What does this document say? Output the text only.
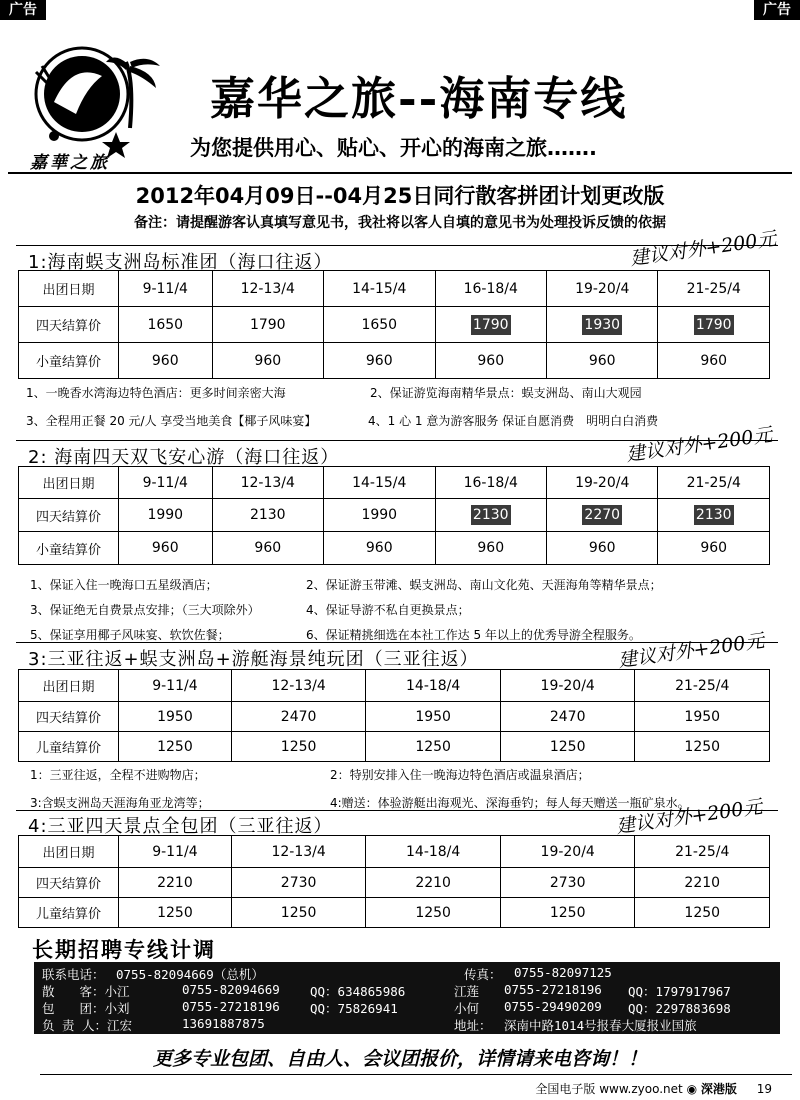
广告	广告
嘉華之旅
嘉华之旅--海南专线
为您提供用心、贴心、开心的海南之旅…….
2012年04月09日--04月25日同行散客拼团计划更改版
备注：请提醒游客认真填写意见书，我社将以客人自填的意见书为处理投诉反馈的依据
1:海南蜈支洲岛标准团（海口往返）	建议对外+200元
出团日期	9-11/4	12-13/4	14-15/4	16-18/4	19-20/4	21-25/4
四天结算价	1650	1790	1650	1790	1930	1790
小童结算价	960	960	960	960	960	960
1、一晚香水湾海边特色酒店：更多时间亲密大海	2、保证游览海南精华景点：蜈支洲岛、南山大观园
3、全程用正餐 20 元/人 享受当地美食【椰子风味宴】	4、1 心 1 意为游客服务 保证自愿消费　明明白白消费
2: 海南四天双飞安心游（海口往返）	建议对外+200元
出团日期	9-11/4	12-13/4	14-15/4	16-18/4	19-20/4	21-25/4
四天结算价	1990	2130	1990	2130	2270	2130
小童结算价	960	960	960	960	960	960
1、保证入住一晚海口五星级酒店；	2、保证游玉带滩、蜈支洲岛、南山文化苑、天涯海角等精华景点；
3、保证绝无自费景点安排；（三大项除外）	4、保证导游不私自更换景点；
5、保证享用椰子风味宴、软饮佐餐；	6、保证精挑细选在本社工作达 5 年以上的优秀导游全程服务。
3:三亚往返+蜈支洲岛+游艇海景纯玩团（三亚往返）	建议对外+200元
出团日期	9-11/4	12-13/4	14-18/4	19-20/4	21-25/4
四天结算价	1950	2470	1950	2470	1950
儿童结算价	1250	1250	1250	1250	1250
1：三亚往返，全程不进购物店；	2：特别安排入住一晚海边特色酒店或温泉酒店；
3:含蜈支洲岛天涯海角亚龙湾等；	4:赠送：体验游艇出海观光、深海垂钓；每人每天赠送一瓶矿泉水。
4:三亚四天景点全包团（三亚往返）	建议对外+200元
出团日期	9-11/4	12-13/4	14-18/4	19-20/4	21-25/4
四天结算价	2210	2730	2210	2730	2210
儿童结算价	1250	1250	1250	1250	1250
长期招聘专线计调
联系电话： 0755-82094669（总机）	传真： 0755-82097125
散　　客：小江	0755-82094669 QQ：634865986	江莲 0755-27218196 QQ：1797917967
包　　团：小刘	0755-27218196 QQ：75826941	小何 0755-29490209 QQ：2297883698
负 责 人：江宏	13691887875	地址： 深南中路1014号报春大厦报业国旅
更多专业包团、自由人、会议团报价，详情请来电咨询！！
全国电子版 www.zyoo.net ◉ 深港版 19
